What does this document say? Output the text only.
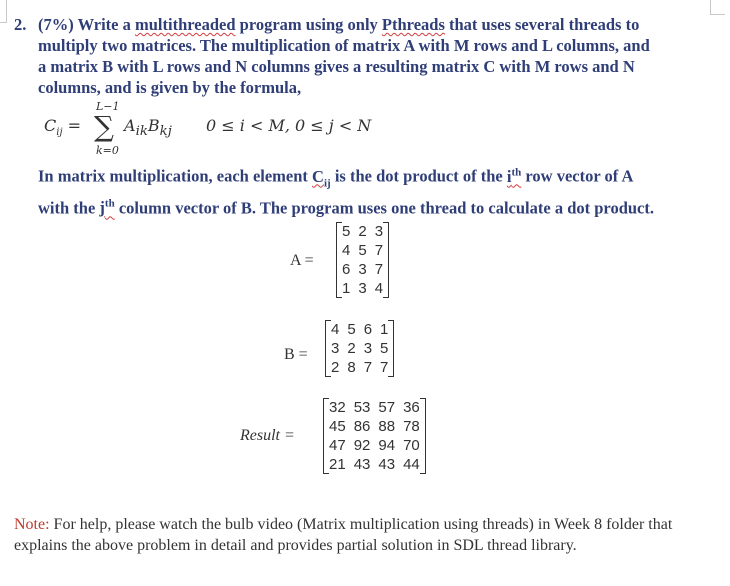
2. (7%) Write a multithreaded program using only Pthreads that uses several threads to
multiply two matrices. The multiplication of matrix A with M rows and L columns, and
a matrix B with L rows and N columns gives a resulting matrix C with M rows and N
columns, and is given by the formula,
$C_{ij}$ =
L−1
∑
k=0
$A_{ik}B_{kj}$ 0 ≤ i < M, 0 ≤ j < N
In matrix multiplication, each element $C_{ij}$ is the dot product of the $i^{th}$ row vector of A
with the $j^{th}$ column vector of B. The program uses one thread to calculate a dot product.
A =
5	2	3
4	5	7
6	3	7
1	3	4
B =
4	5	6	1
3	2	3	5
2	8	7	7
Result =
32	53	57	36
45	86	88	78
47	92	94	70
21	43	43	44
Note: For help, please watch the bulb video (Matrix multiplication using threads) in Week 8 folder that explains the above problem in detail and provides partial solution in SDL thread library.
